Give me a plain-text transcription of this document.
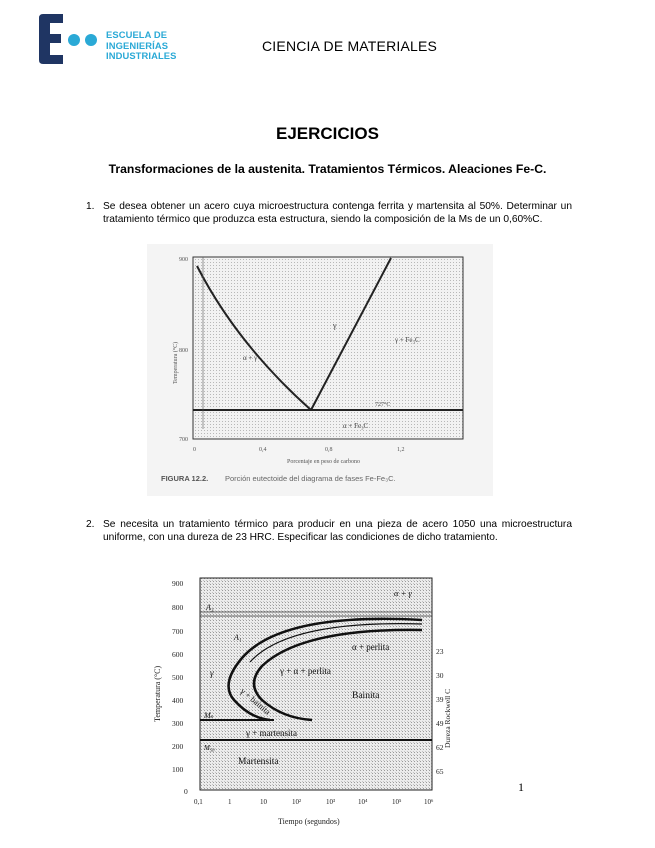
ESCUELA DE
INGENIERÍAS
INDUSTRIALES
CIENCIA DE MATERIALES
EJERCICIOS
Transformaciones de la austenita. Tratamientos Térmicos. Aleaciones Fe-C.
1. Se desea obtener un acero cuya microestructura contenga ferrita y martensita al 50%. Determinar un tratamiento térmico que produzca esta estructura, siendo la composición de la Ms de un 0,60%C.
γ
α + γ
γ + Fe₃C
α + Fe₃C
727°C
900
800
700
0	0,4	0,8	1,2
Porcentaje en peso de carbono
Temperatura (°C)
FIGURA 12.2. Porción eutectoide del diagrama de fases Fe-Fe₃C.
2. Se necesita un tratamiento térmico para producir en una pieza de acero 1050 una microestructura uniforme, con una dureza de 23 HRC. Especificar las condiciones de dicho tratamiento.
α + γ
α + perlita
γ + α + perlita
γ + bainita	Bainita
γ + martensita
Martensita
γ
A₃
A₁
Mₛ
M₅₀
900
800
700
600
500
400
300
200
100
0
23
30
39
49
62
65
0,1	1	10	10²	10³	10⁴	10⁵	10⁶
Tiempo (segundos)
Temperatura (°C)	Dureza Rockwell C
1
